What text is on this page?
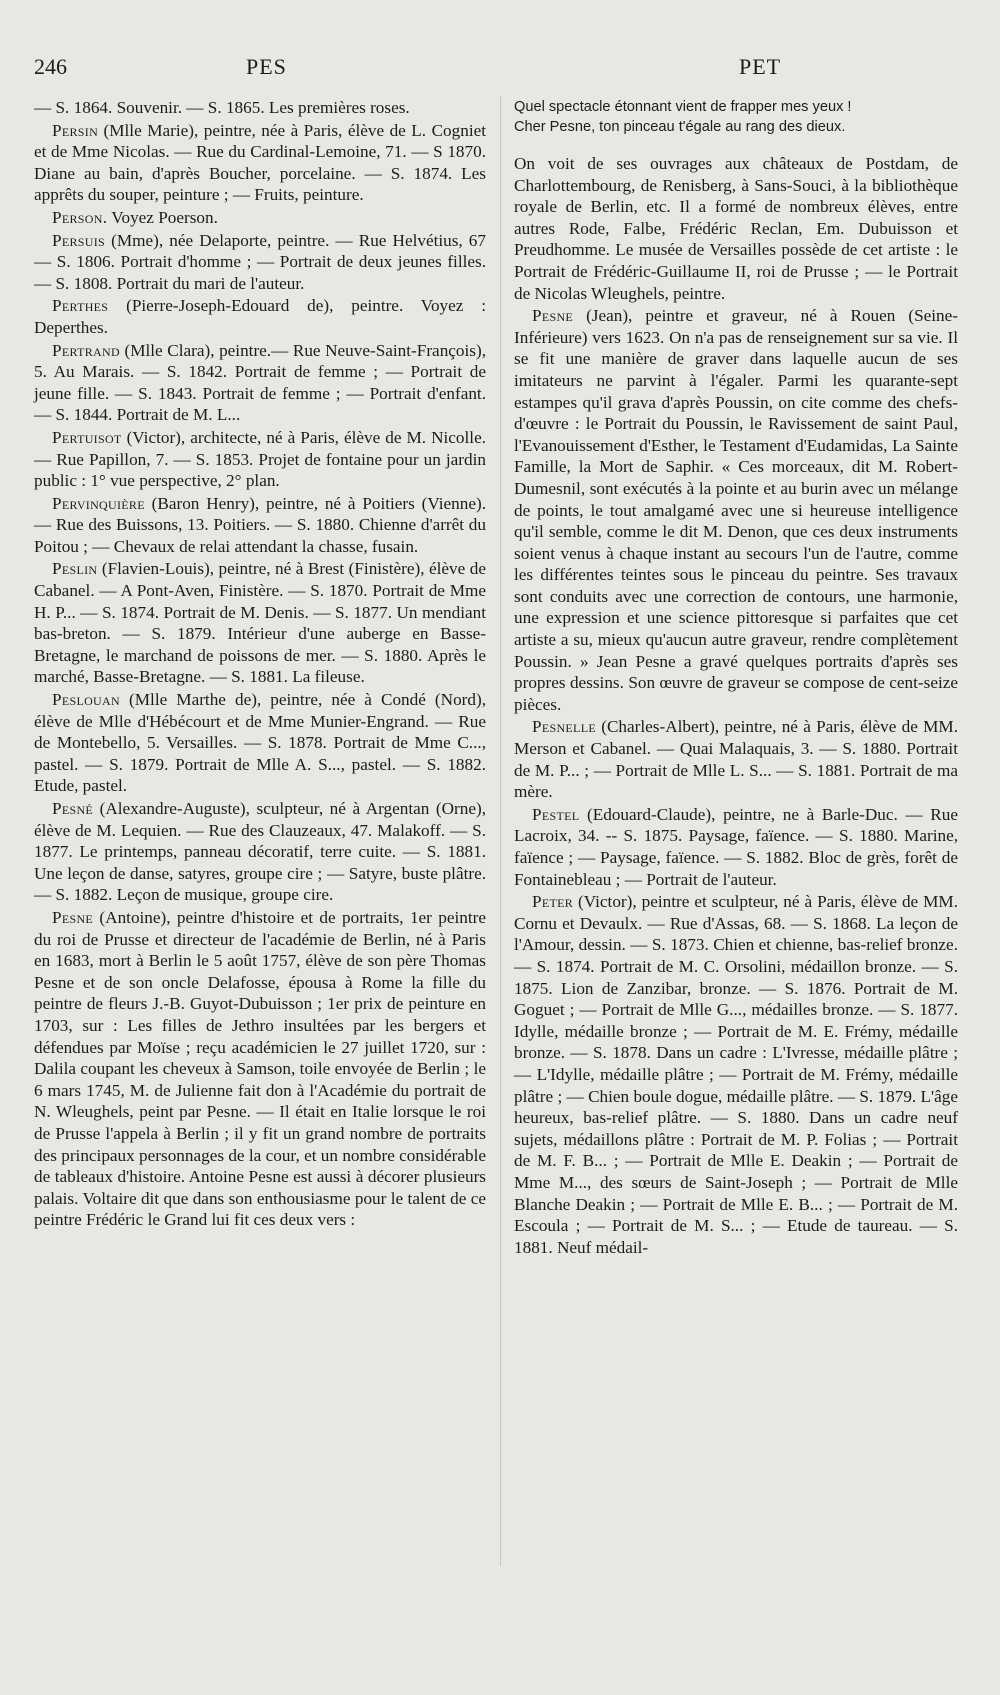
246	PES	PET

— S. 1864. Souvenir. — S. 1865. Les premières roses.

Persin (Mlle Marie), peintre, née à Paris, élève de L. Cogniet et de Mme Nicolas. — Rue du Cardinal-Lemoine, 71. — S 1870. Diane au bain, d'après Boucher, porcelaine. — S. 1874. Les apprêts du souper, peinture ; — Fruits, peinture.

Person. Voyez Poerson.

Persuis (Mme), née Delaporte, peintre. — Rue Helvétius, 67 — S. 1806. Portrait d'homme ; — Portrait de deux jeunes filles. — S. 1808. Portrait du mari de l'auteur.

Perthes (Pierre-Joseph-Edouard de), peintre. Voyez : Deperthes.

Pertrand (Mlle Clara), peintre.— Rue Neuve-Saint-François), 5. Au Marais. — S. 1842. Portrait de femme ; — Portrait de jeune fille. — S. 1843. Portrait de femme ; — Portrait d'enfant. — S. 1844. Portrait de M. L...

Pertuisot (Victor), architecte, né à Paris, élève de M. Nicolle. — Rue Papillon, 7. — S. 1853. Projet de fontaine pour un jardin public : 1° vue perspective, 2° plan.

Pervinquière (Baron Henry), peintre, né à Poitiers (Vienne). — Rue des Buissons, 13. Poitiers. — S. 1880. Chienne d'arrêt du Poitou ; — Chevaux de relai attendant la chasse, fusain.

Peslin (Flavien-Louis), peintre, né à Brest (Finistère), élève de Cabanel. — A Pont-Aven, Finistère. — S. 1870. Portrait de Mme H. P... — S. 1874. Portrait de M. Denis. — S. 1877. Un mendiant bas-breton. — S. 1879. Intérieur d'une auberge en Basse-Bretagne, le marchand de poissons de mer. — S. 1880. Après le marché, Basse-Bretagne. — S. 1881. La fileuse.

Peslouan (Mlle Marthe de), peintre, née à Condé (Nord), élève de Mlle d'Hébécourt et de Mme Munier-Engrand. — Rue de Montebello, 5. Versailles. — S. 1878. Portrait de Mme C..., pastel. — S. 1879. Portrait de Mlle A. S..., pastel. — S. 1882. Etude, pastel.

Pesné (Alexandre-Auguste), sculpteur, né à Argentan (Orne), élève de M. Lequien. — Rue des Clauzeaux, 47. Malakoff. — S. 1877. Le printemps, panneau décoratif, terre cuite. — S. 1881. Une leçon de danse, satyres, groupe cire ; — Satyre, buste plâtre. — S. 1882. Leçon de musique, groupe cire.

Pesne (Antoine), peintre d'histoire et de portraits, 1er peintre du roi de Prusse et directeur de l'académie de Berlin, né à Paris en 1683, mort à Berlin le 5 août 1757, élève de son père Thomas Pesne et de son oncle Delafosse, épousa à Rome la fille du peintre de fleurs J.-B. Guyot-Dubuisson ; 1er prix de peinture en 1703, sur : Les filles de Jethro insultées par les bergers et défendues par Moïse ; reçu académicien le 27 juillet 1720, sur : Dalila coupant les cheveux à Samson, toile envoyée de Berlin ; le 6 mars 1745, M. de Julienne fait don à l'Académie du portrait de N. Wleughels, peint par Pesne. — Il était en Italie lorsque le roi de Prusse l'appela à Berlin ; il y fit un grand nombre de portraits des principaux personnages de la cour, et un nombre considérable de tableaux d'histoire. Antoine Pesne est aussi à décorer plusieurs palais. Voltaire dit que dans son enthousiasme pour le talent de ce peintre Frédéric le Grand lui fit ces deux vers :

Quel spectacle étonnant vient de frapper mes yeux !
Cher Pesne, ton pinceau t'égale au rang des dieux.

On voit de ses ouvrages aux châteaux de Postdam, de Charlottembourg, de Renisberg, à Sans-Souci, à la bibliothèque royale de Berlin, etc. Il a formé de nombreux élèves, entre autres Rode, Falbe, Frédéric Reclan, Em. Dubuisson et Preudhomme. Le musée de Versailles possède de cet artiste : le Portrait de Frédéric-Guillaume II, roi de Prusse ; — le Portrait de Nicolas Wleughels, peintre.

Pesne (Jean), peintre et graveur, né à Rouen (Seine-Inférieure) vers 1623. On n'a pas de renseignement sur sa vie. Il se fit une manière de graver dans laquelle aucun de ses imitateurs ne parvint à l'égaler. Parmi les quarante-sept estampes qu'il grava d'après Poussin, on cite comme des chefs-d'œuvre : le Portrait du Poussin, le Ravissement de saint Paul, l'Evanouissement d'Esther, le Testament d'Eudamidas, La Sainte Famille, la Mort de Saphir. « Ces morceaux, dit M. Robert-Dumesnil, sont exécutés à la pointe et au burin avec un mélange de points, le tout amalgamé avec une si heureuse intelligence qu'il semble, comme le dit M. Denon, que ces deux instruments soient venus à chaque instant au secours l'un de l'autre, comme les différentes teintes sous le pinceau du peintre. Ses travaux sont conduits avec une correction de contours, une harmonie, une expression et une science pittoresque si parfaites que cet artiste a su, mieux qu'aucun autre graveur, rendre complètement Poussin. » Jean Pesne a gravé quelques portraits d'après ses propres dessins. Son œuvre de graveur se compose de cent-seize pièces.

Pesnelle (Charles-Albert), peintre, né à Paris, élève de MM. Merson et Cabanel. — Quai Malaquais, 3. — S. 1880. Portrait de M. P... ; — Portrait de Mlle L. S... — S. 1881. Portrait de ma mère.

Pestel (Edouard-Claude), peintre, ne à Barle-Duc. — Rue Lacroix, 34. -- S. 1875. Paysage, faïence. — S. 1880. Marine, faïence ; — Paysage, faïence. — S. 1882. Bloc de grès, forêt de Fontainebleau ; — Portrait de l'auteur.

Peter (Victor), peintre et sculpteur, né à Paris, élève de MM. Cornu et Devaulx. — Rue d'Assas, 68. — S. 1868. La leçon de l'Amour, dessin. — S. 1873. Chien et chienne, bas-relief bronze. — S. 1874. Portrait de M. C. Orsolini, médaillon bronze. — S. 1875. Lion de Zanzibar, bronze. — S. 1876. Portrait de M. Goguet ; — Portrait de Mlle G..., médailles bronze. — S. 1877. Idylle, médaille bronze ; — Portrait de M. E. Frémy, médaille bronze. — S. 1878. Dans un cadre : L'Ivresse, médaille plâtre ; — L'Idylle, médaille plâtre ; — Portrait de M. Frémy, médaille plâtre ; — Chien boule dogue, médaille plâtre. — S. 1879. L'âge heureux, bas-relief plâtre. — S. 1880. Dans un cadre neuf sujets, médaillons plâtre : Portrait de M. P. Folias ; — Portrait de M. F. B... ; — Portrait de Mlle E. Deakin ; — Portrait de Mme M..., des sœurs de Saint-Joseph ; — Portrait de Mlle Blanche Deakin ; — Portrait de Mlle E. B... ; — Portrait de M. Escoula ; — Portrait de M. S... ; — Etude de taureau. — S. 1881. Neuf médail-
